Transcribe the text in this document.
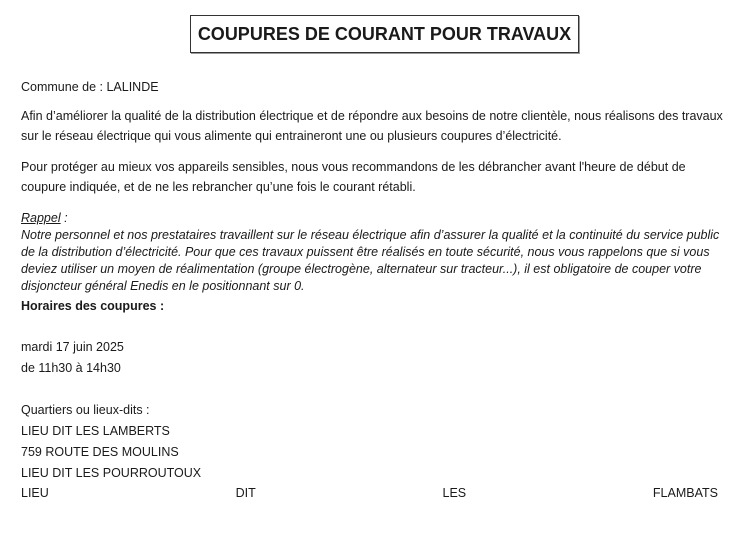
COUPURES DE COURANT POUR TRAVAUX
Commune de : LALINDE
Afin d’améliorer la qualité de la distribution électrique et de répondre aux besoins de notre clientèle, nous réalisons des travaux sur le réseau électrique qui vous alimente qui entraineront une ou plusieurs coupures d’électricité.
Pour protéger au mieux vos appareils sensibles, nous vous recommandons de les débrancher avant l'heure de début de coupure indiquée, et de ne les rebrancher qu’une fois le courant rétabli.
Rappel :
Notre personnel et nos prestataires travaillent sur le réseau électrique afin d’assurer la qualité et la continuité du service public de la distribution d’électricité. Pour que ces travaux puissent être réalisés en toute sécurité, nous vous rappelons que si vous deviez utiliser un moyen de réalimentation (groupe électrogène, alternateur sur tracteur...), il est obligatoire de couper votre disjoncteur général Enedis en le positionnant sur 0.
Horaires des coupures :
mardi 17 juin 2025
de 11h30 à 14h30
Quartiers ou lieux-dits :
LIEU DIT LES LAMBERTS
759 ROUTE DES MOULINS
LIEU DIT LES POURROUTOUX
LIEU	DIT	LES	FLAMBATS
